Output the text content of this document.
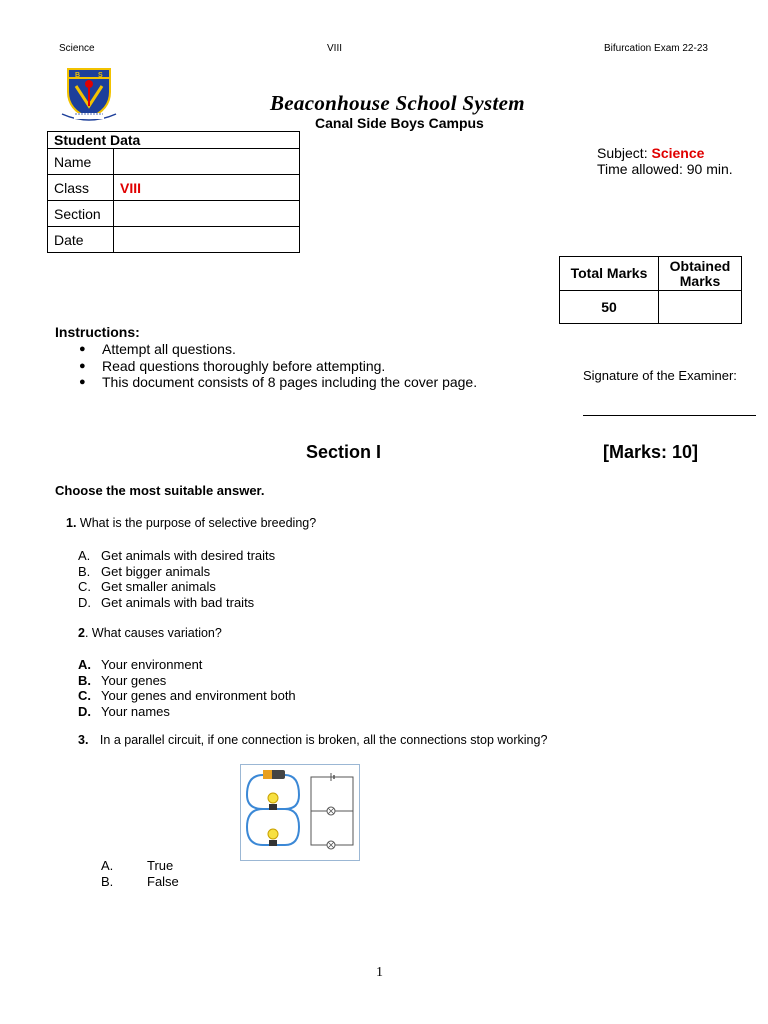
Science	VIII	Bifurcation Exam 22-23
B	S
Beaconhouse School System
Canal Side Boys Campus
Student Data	
Name	
Class	VIII
Section	
Date	
Subject: Science
Time allowed: 90 min.
Total Marks	Obtained Marks
50	
Instructions:
● Attempt all questions.
● Read questions thoroughly before attempting.
● This document consists of 8 pages including the cover page.	Signature of the Examiner:
Section I	[Marks: 10]
Choose the most suitable answer.
1. What is the purpose of selective breeding?
A. Get animals with desired traits
B. Get bigger animals
C. Get smaller animals
D. Get animals with bad traits
2. What causes variation?
A. Your environment
B. Your genes
C. Your genes and environment both
D. Your names
3. In a parallel circuit, if one connection is broken, all the connections stop working?
A.	True
B.	False
1
